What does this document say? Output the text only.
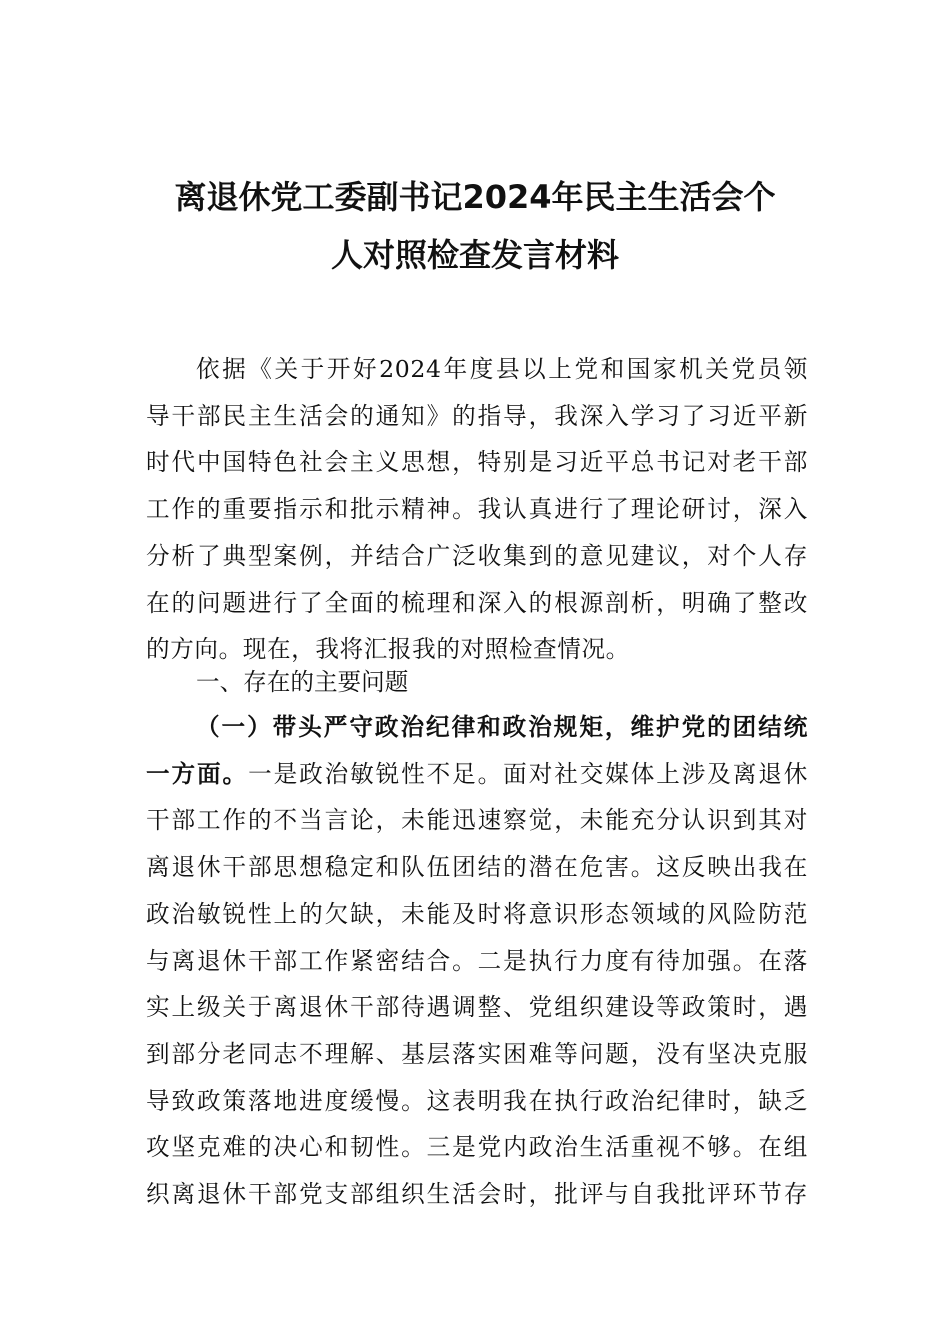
离退休党工委副书记2024年民主生活会个
人对照检查发言材料
依据《关于开好2024年度县以上党和国家机关党员领
导干部民主生活会的通知》的指导，我深入学习了习近平新
时代中国特色社会主义思想，特别是习近平总书记对老干部
工作的重要指示和批示精神。我认真进行了理论研讨，深入
分析了典型案例，并结合广泛收集到的意见建议，对个人存
在的问题进行了全面的梳理和深入的根源剖析，明确了整改
的方向。现在，我将汇报我的对照检查情况。
一、存在的主要问题
（一）带头严守政治纪律和政治规矩，维护党的团结统
一方面。一是政治敏锐性不足。面对社交媒体上涉及离退休
干部工作的不当言论，未能迅速察觉，未能充分认识到其对
离退休干部思想稳定和队伍团结的潜在危害。这反映出我在
政治敏锐性上的欠缺，未能及时将意识形态领域的风险防范
与离退休干部工作紧密结合。二是执行力度有待加强。在落
实上级关于离退休干部待遇调整、党组织建设等政策时，遇
到部分老同志不理解、基层落实困难等问题，没有坚决克服
导致政策落地进度缓慢。这表明我在执行政治纪律时，缺乏
攻坚克难的决心和韧性。三是党内政治生活重视不够。在组
织离退休干部党支部组织生活会时，批评与自我批评环节存
